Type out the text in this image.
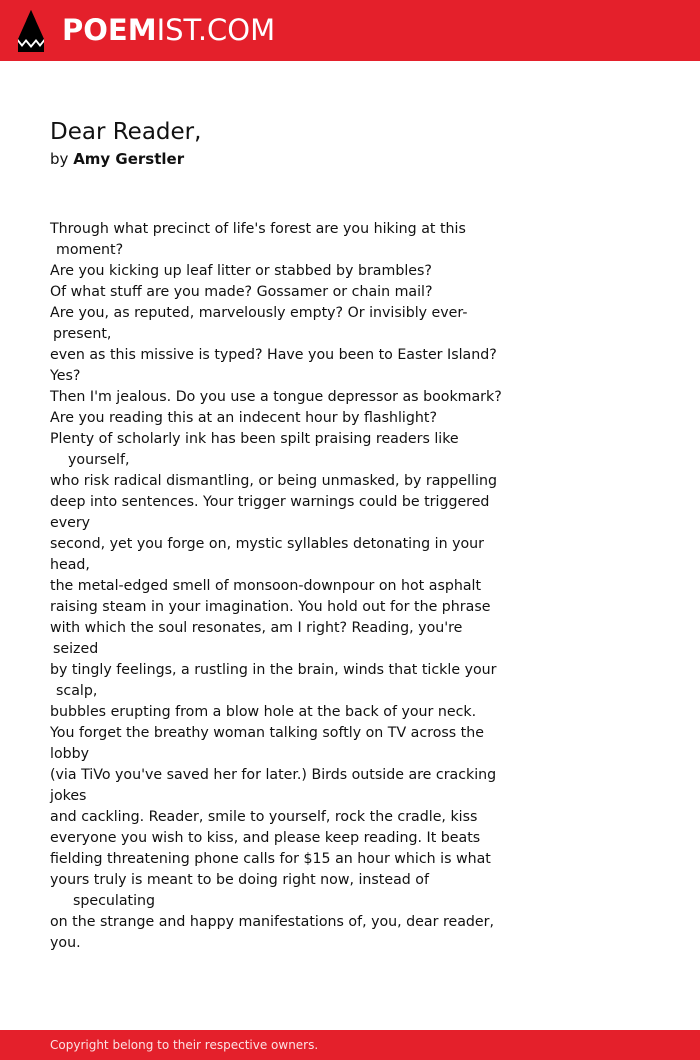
POEMIST.COM
Dear Reader,
by Amy Gerstler
Through what precinct of life's forest are you hiking at this
moment?
Are you kicking up leaf litter or stabbed by brambles?
Of what stuff are you made? Gossamer or chain mail?
Are you, as reputed, marvelously empty? Or invisibly ever-
present,
even as this missive is typed? Have you been to Easter Island?
Yes?
Then I'm jealous. Do you use a tongue depressor as bookmark?
Are you reading this at an indecent hour by flashlight?
Plenty of scholarly ink has been spilt praising readers like
yourself,
who risk radical dismantling, or being unmasked, by rappelling
deep into sentences. Your trigger warnings could be triggered
every
second, yet you forge on, mystic syllables detonating in your
head,
the metal-edged smell of monsoon-downpour on hot asphalt
raising steam in your imagination. You hold out for the phrase
with which the soul resonates, am I right? Reading, you're
seized
by tingly feelings, a rustling in the brain, winds that tickle your
scalp,
bubbles erupting from a blow hole at the back of your neck.
You forget the breathy woman talking softly on TV across the
lobby
(via TiVo you've saved her for later.) Birds outside are cracking
jokes
and cackling. Reader, smile to yourself, rock the cradle, kiss
everyone you wish to kiss, and please keep reading. It beats
fielding threatening phone calls for $15 an hour which is what
yours truly is meant to be doing right now, instead of
speculating
on the strange and happy manifestations of, you, dear reader,
you.
Copyright belong to their respective owners.
